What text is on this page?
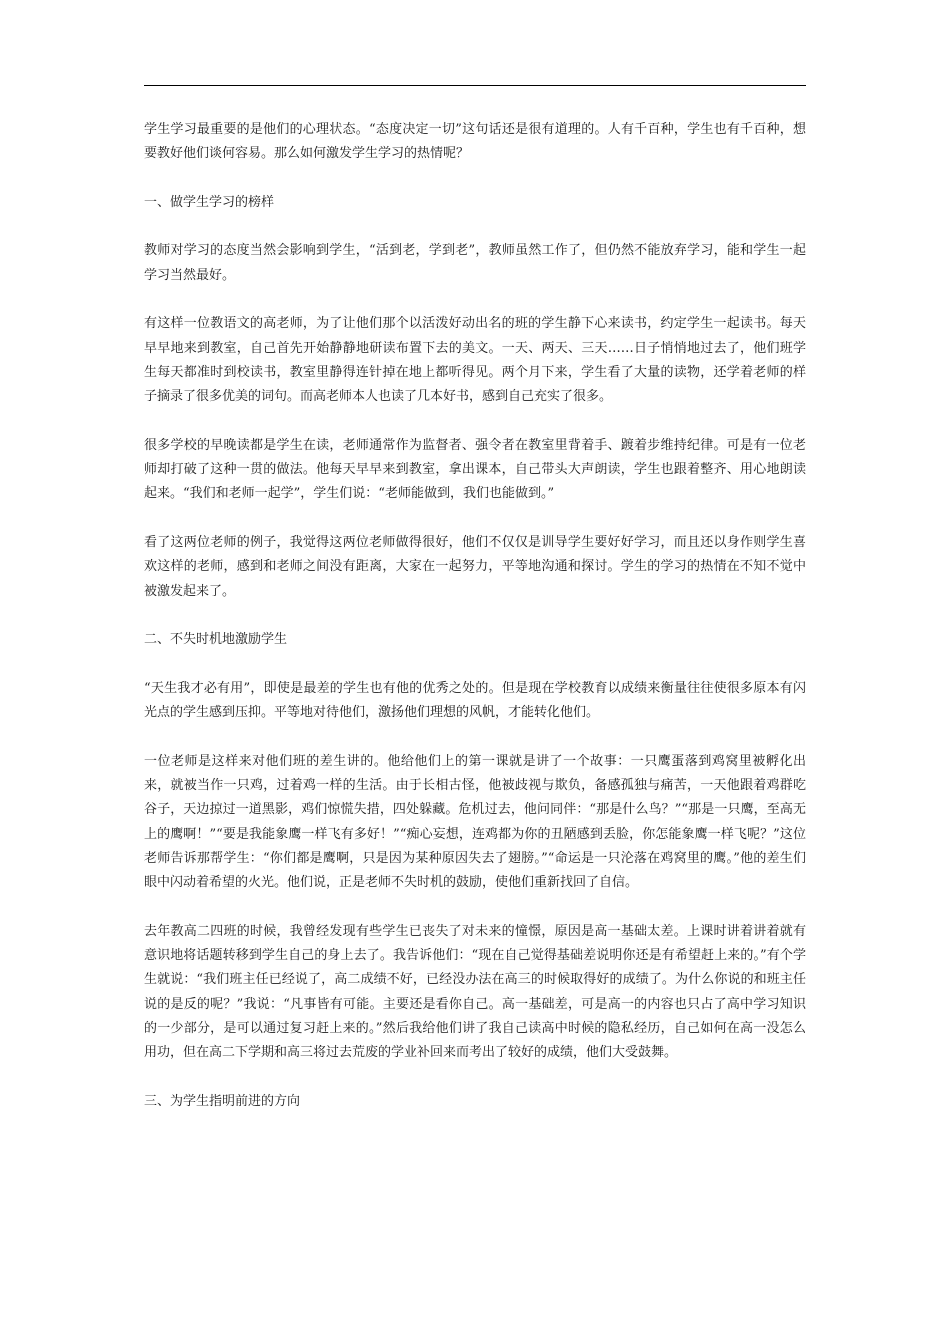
学生学习最重要的是他们的心理状态。“态度决定一切”这句话还是很有道理的。人有千百种，学生也有千百种，想要教好他们谈何容易。那么如何激发学生学习的热情呢？

一、做学生学习的榜样

教师对学习的态度当然会影响到学生，“活到老，学到老”，教师虽然工作了，但仍然不能放弃学习，能和学生一起学习当然最好。

有这样一位教语文的高老师，为了让他们那个以活泼好动出名的班的学生静下心来读书，约定学生一起读书。每天早早地来到教室，自己首先开始静静地研读布置下去的美文。一天、两天、三天……日子悄悄地过去了，他们班学生每天都准时到校读书，教室里静得连针掉在地上都听得见。两个月下来，学生看了大量的读物，还学着老师的样子摘录了很多优美的词句。而高老师本人也读了几本好书，感到自己充实了很多。

很多学校的早晚读都是学生在读，老师通常作为监督者、强令者在教室里背着手、踱着步维持纪律。可是有一位老师却打破了这种一贯的做法。他每天早早来到教室，拿出课本，自己带头大声朗读，学生也跟着整齐、用心地朗读起来。“我们和老师一起学”，学生们说：“老师能做到，我们也能做到。”

看了这两位老师的例子，我觉得这两位老师做得很好，他们不仅仅是训导学生要好好学习，而且还以身作则学生喜欢这样的老师，感到和老师之间没有距离，大家在一起努力，平等地沟通和探讨。学生的学习的热情在不知不觉中被激发起来了。

二、不失时机地激励学生

“天生我才必有用”，即使是最差的学生也有他的优秀之处的。但是现在学校教育以成绩来衡量往往使很多原本有闪光点的学生感到压抑。平等地对待他们，激扬他们理想的风帆，才能转化他们。

一位老师是这样来对他们班的差生讲的。他给他们上的第一课就是讲了一个故事：一只鹰蛋落到鸡窝里被孵化出来，就被当作一只鸡，过着鸡一样的生活。由于长相古怪，他被歧视与欺负，备感孤独与痛苦，一天他跟着鸡群吃谷子，天边掠过一道黑影，鸡们惊慌失措，四处躲藏。危机过去，他问同伴：“那是什么鸟？”“那是一只鹰，至高无上的鹰啊！”“要是我能象鹰一样飞有多好！”“痴心妄想，连鸡都为你的丑陋感到丢脸，你怎能象鹰一样飞呢？”这位老师告诉那帮学生：“你们都是鹰啊，只是因为某种原因失去了翅膀。”“命运是一只沦落在鸡窝里的鹰。”他的差生们眼中闪动着希望的火光。他们说，正是老师不失时机的鼓励，使他们重新找回了自信。

去年教高二四班的时候，我曾经发现有些学生已丧失了对未来的憧憬，原因是高一基础太差。上课时讲着讲着就有意识地将话题转移到学生自己的身上去了。我告诉他们：“现在自己觉得基础差说明你还是有希望赶上来的。”有个学生就说：“我们班主任已经说了，高二成绩不好，已经没办法在高三的时候取得好的成绩了。为什么你说的和班主任说的是反的呢？”我说：“凡事皆有可能。主要还是看你自己。高一基础差，可是高一的内容也只占了高中学习知识的一少部分，是可以通过复习赶上来的。”然后我给他们讲了我自己读高中时候的隐私经历，自己如何在高一没怎么用功，但在高二下学期和高三将过去荒废的学业补回来而考出了较好的成绩，他们大受鼓舞。

三、为学生指明前进的方向
